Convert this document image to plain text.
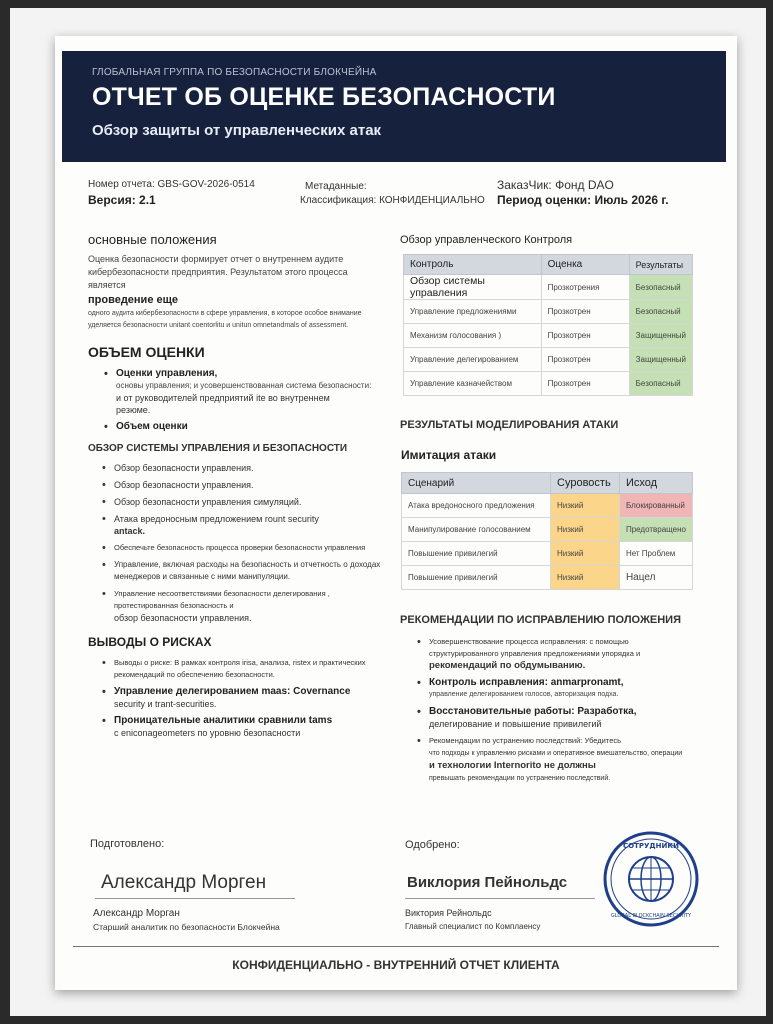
ГЛОБАЛЬНАЯ ГРУППА ПО БЕЗОПАСНОСТИ БЛОКЧЕЙНА
ОТЧЕТ ОБ ОЦЕНКЕ БЕЗОПАСНОСТИ
Обзор защиты от управленческих атак
Номер отчета: GBS-GOV-2026-0514
Версия: 2.1
Метаданные:
Классификация: КОНФИДЕНЦИАЛЬНО
ЗаказЧик: Фонд DAO
Период оценки: Июль 2026 г.
основные положения
Оценка безопасности формирует отчет о внутреннем аудите кибербезопасности предприятия. Результатом этого процесса является
проведение еще
одного аудита кибербезопасности в сфере управления, в которое особое внимание
уделяется безопасности unitant coentorlitu и unitun omnetandmals of assessment.
ОБЪЕМ ОЦЕНКИ
• Оценки управления,
основы управления; и усовершенствованная система безопасности:
и от руководителей предприятий ite во внутреннем
резюме.
• Объем оценки
ОБЗОР СИСТЕМЫ УПРАВЛЕНИЯ И БЕЗОПАСНОСТИ
• Обзор безопасности управления.
• Обзор безопасности управления.
• Обзор безопасности управления симуляций.
• Атака вредоносным предложением rount security
antack.
• Обеспечьте безопасность процесса проверки безопасности управления
• Управление, включая расходы на безопасность и отчетность о доходах менеджеров и связанные с ними манипуляции.
• Управление несоответствиями безопасности делегирования , протестированная безопасность и
обзор безопасности управления.
ВЫВОДЫ О РИСКАХ
• Выводы о риске: В рамках контроля irisa, анализа, ristex и практических рекомендаций по обеспечению безопасности.
• Управление делегированием maas: Covernance
security и trant-securities.
• Проницательные аналитики сравнили tams
с eniconageometers по уровню безопасности
Обзор управленческого Контроля
Контроль	Оценка	Результаты
Обзор системы управления	Прозкотрения	Безопасный
Управление предложениями	Прозкотрен	Безопасный
Механизм голосования )	Прозкотрен	Защищенный
Управление делегированием	Прозкотрен	Защищенный
Управление казначейством	Прозкотрен	Безопасный
РЕЗУЛЬТАТЫ МОДЕЛИРОВАНИЯ АТАКИ
Имитация атаки
Сценарий	Суровость	Исход
Атака вредоносного предложения	Низкий	Блокированный
Манипулирование голосованием	Низкий	Предотвращено
Повышение привилегий	Низкий	Нет Проблем
Повышение привилегий	Низкий	Нацел
РЕКОМЕНДАЦИИ ПО ИСПРАВЛЕНИЮ ПОЛОЖЕНИЯ
• Усовершенствование процесса исправления: с помощью
структурированного управления предложениями упорядка и
рекомендаций по обдумыванию.
• Контроль исправления: anmarpronamt,
управление делегированием голосов, авторизация подха.
• Восстановительные работы: Разработка,
делегирование и повышение привилегий
• Рекомендации по устранению последствий: Убедитесь
что подходы к управлению рисками и оперативное вмешательство, операции
и технологии Internorito не должны
превышать рекомендации по устранению последствий.
Подготовлено:
Александр Морген
Александр Морган
Старший аналитик по безопасности Блокчейна
Одобрено:
Виклория Пейнольдс
Виктория Рейнольдс
Главный специалист по Комплаенсу
СОТРУДНИКИ
GLOBAL BLOCKCHAIN SECURITY
КОНФИДЕНЦИАЛЬНО - ВНУТРЕННИЙ ОТЧЕТ КЛИЕНТА
